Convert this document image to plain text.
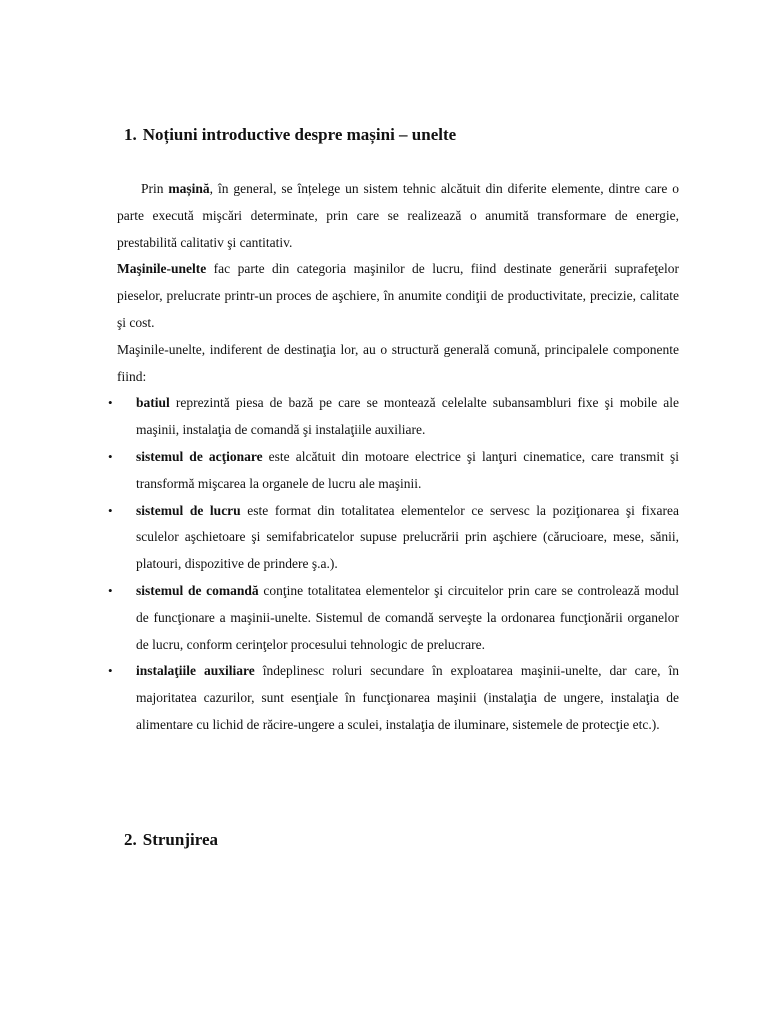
1. Noțiuni introductive despre mașini – unelte

Prin mașină, în general, se înțelege un sistem tehnic alcătuit din diferite elemente, dintre care o parte execută mişcări determinate, prin care se realizează o anumită transformare de energie, prestabilită calitativ şi cantitativ.

Maşinile-unelte fac parte din categoria maşinilor de lucru, fiind destinate generării suprafeţelor pieselor, prelucrate printr-un proces de aşchiere, în anumite condiţii de productivitate, precizie, calitate şi cost.

Maşinile-unelte, indiferent de destinaţia lor, au o structură generală comună, principalele componente fiind:

• batiul reprezintă piesa de bază pe care se montează celelalte subansambluri fixe şi mobile ale maşinii, instalaţia de comandă şi instalaţiile auxiliare.
• sistemul de acţionare este alcătuit din motoare electrice şi lanţuri cinematice, care transmit şi transformă mişcarea la organele de lucru ale maşinii.
• sistemul de lucru este format din totalitatea elementelor ce servesc la poziţionarea şi fixarea sculelor aşchietoare şi semifabricatelor supuse prelucrării prin aşchiere (cărucioare, mese, sănii, platouri, dispozitive de prindere ş.a.).
• sistemul de comandă conţine totalitatea elementelor şi circuitelor prin care se controlează modul de funcţionare a maşinii-unelte. Sistemul de comandă serveşte la ordonarea funcţionării organelor de lucru, conform cerinţelor procesului tehnologic de prelucrare.
• instalaţiile auxiliare îndeplinesc roluri secundare în exploatarea maşinii-unelte, dar care, în majoritatea cazurilor, sunt esenţiale în funcţionarea maşinii (instalaţia de ungere, instalaţia de alimentare cu lichid de răcire-ungere a sculei, instalaţia de iluminare, sistemele de protecţie etc.).
2. Strunjirea
